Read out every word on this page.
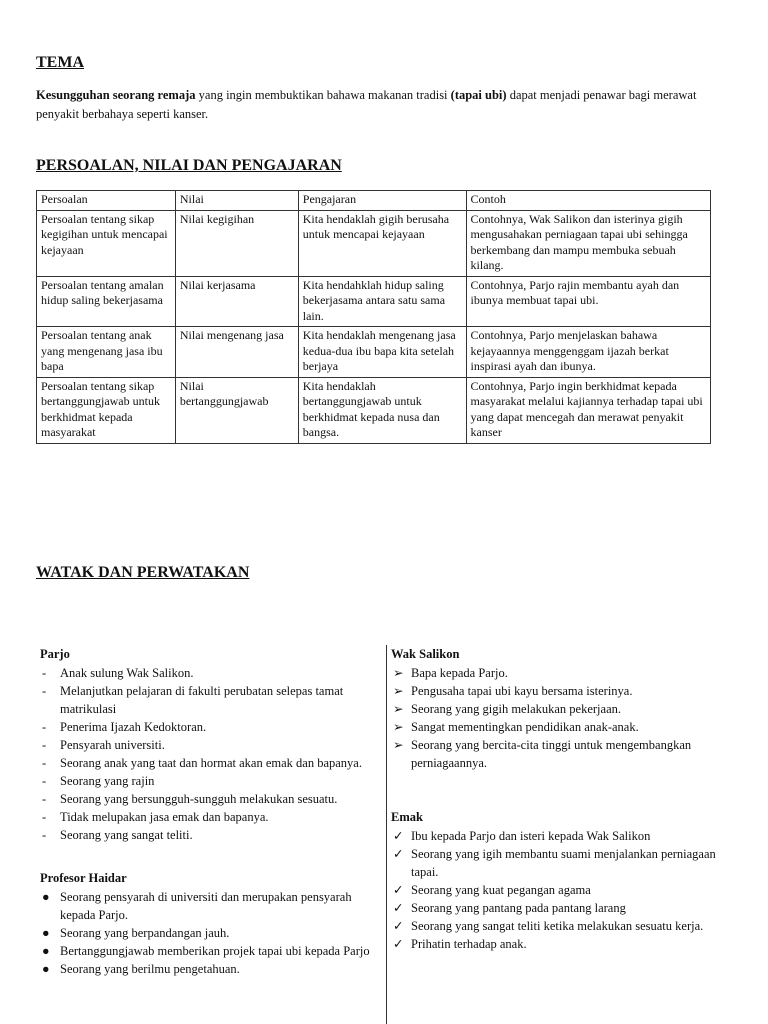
TEMA

Kesungguhan seorang remaja yang ingin membuktikan bahawa makanan tradisi (tapai ubi) dapat menjadi penawar bagi merawat penyakit berbahaya seperti kanser.

PERSOALAN, NILAI DAN PENGAJARAN
Persoalan	Nilai	Pengajaran	Contoh
Persoalan tentang sikap kegigihan untuk mencapai kejayaan	Nilai kegigihan	Kita hendaklah gigih berusaha untuk mencapai kejayaan	Contohnya, Wak Salikon dan isterinya gigih mengusahakan perniagaan tapai ubi sehingga berkembang dan mampu membuka sebuah kilang.
Persoalan tentang amalan hidup saling bekerjasama	Nilai kerjasama	Kita hendahklah hidup saling bekerjasama antara satu sama lain.	Contohnya, Parjo rajin membantu ayah dan ibunya membuat tapai ubi.
Persoalan tentang anak yang mengenang jasa ibu bapa	Nilai mengenang jasa	Kita hendaklah mengenang jasa kedua-dua ibu bapa kita setelah berjaya	Contohnya, Parjo menjelaskan bahawa kejayaannya menggenggam ijazah berkat inspirasi ayah dan ibunya.
Persoalan tentang sikap bertanggungjawab untuk berkhidmat kepada masyarakat	Nilai bertanggungjawab	Kita hendaklah bertanggungjawab untuk berkhidmat kepada nusa dan bangsa.	Contohnya, Parjo ingin berkhidmat kepada masyarakat melalui kajiannya terhadap tapai ubi yang dapat mencegah dan merawat penyakit kanser
WATAK DAN PERWATAKAN

Parjo

-	Anak sulung Wak Salikon.
-	Melanjutkan pelajaran di fakulti perubatan selepas tamat matrikulasi
-	Penerima Ijazah Kedoktoran.
-	Pensyarah universiti.
-	Seorang anak yang taat dan hormat akan emak dan bapanya.
-	Seorang yang rajin
-	Seorang yang bersungguh-sungguh melakukan sesuatu.
-	Tidak melupakan jasa emak dan bapanya.
-	Seorang yang sangat teliti.

Profesor Haidar

● Seorang pensyarah di universiti dan merupakan pensyarah kepada Parjo.
● Seorang yang berpandangan jauh.
● Bertanggungjawab memberikan projek tapai ubi kepada Parjo
● Seorang yang berilmu pengetahuan.

Wak Salikon

➢ Bapa kepada Parjo.
➢ Pengusaha tapai ubi kayu bersama isterinya.
➢ Seorang yang gigih melakukan pekerjaan.
➢ Sangat mementingkan pendidikan anak-anak.
➢ Seorang yang bercita-cita tinggi untuk mengembangkan perniagaannya.

Emak

✓ Ibu kepada Parjo dan isteri kepada Wak Salikon
✓ Seorang yang igih membantu suami menjalankan perniagaan tapai.
✓ Seorang yang kuat pegangan agama
✓ Seorang yang pantang pada pantang larang
✓ Seorang yang sangat teliti ketika melakukan sesuatu kerja.
✓ Prihatin terhadap anak.
